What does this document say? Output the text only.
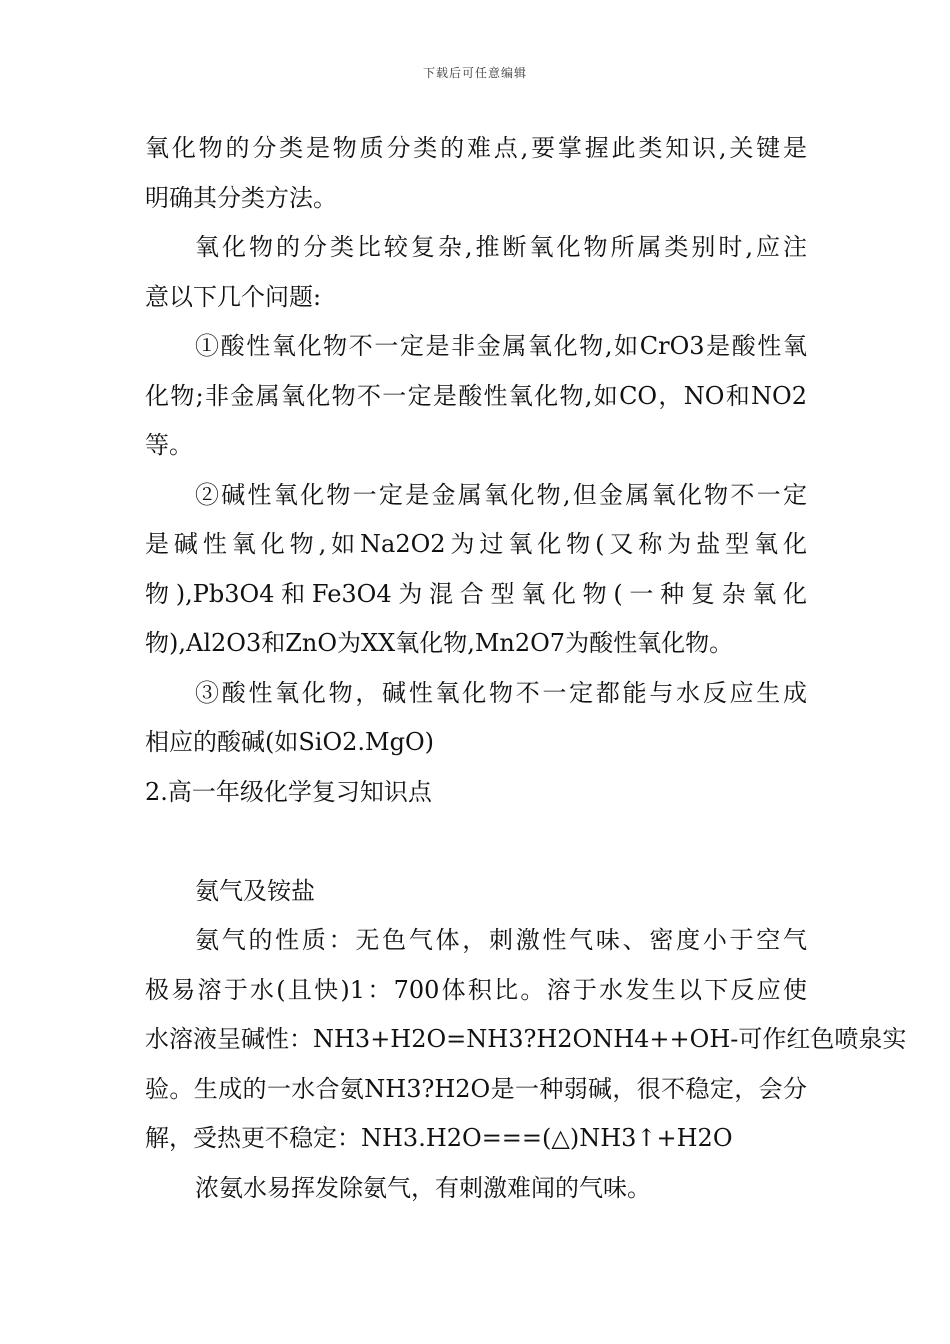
下载后可任意编辑
氧化物的分类是物质分类的难点,要掌握此类知识,关键是
明确其分类方法。
氧化物的分类比较复杂,推断氧化物所属类别时,应注
意以下几个问题:
①酸性氧化物不一定是非金属氧化物,如CrO3是酸性氧
化物;非金属氧化物不一定是酸性氧化物,如CO，NO和NO2
等。
②碱性氧化物一定是金属氧化物,但金属氧化物不一定
是碱性氧化物,如Na2O2为过氧化物(又称为盐型氧化
物),Pb3O4和Fe3O4为混合型氧化物(一种复杂氧化
物),Al2O3和ZnO为XX氧化物,Mn2O7为酸性氧化物。
③酸性氧化物，碱性氧化物不一定都能与水反应生成
相应的酸碱(如SiO2.MgO)
2.高一年级化学复习知识点
氨气及铵盐
氨气的性质：无色气体，刺激性气味、密度小于空气
极易溶于水(且快)1：700体积比。溶于水发生以下反应使
水溶液呈碱性：NH3+H2O=NH3?H2ONH4++OH-可作红色喷泉实
验。生成的一水合氨NH3?H2O是一种弱碱，很不稳定，会分
解，受热更不稳定：NH3.H2O===(△)NH3↑+H2O
浓氨水易挥发除氨气，有刺激难闻的气味。
